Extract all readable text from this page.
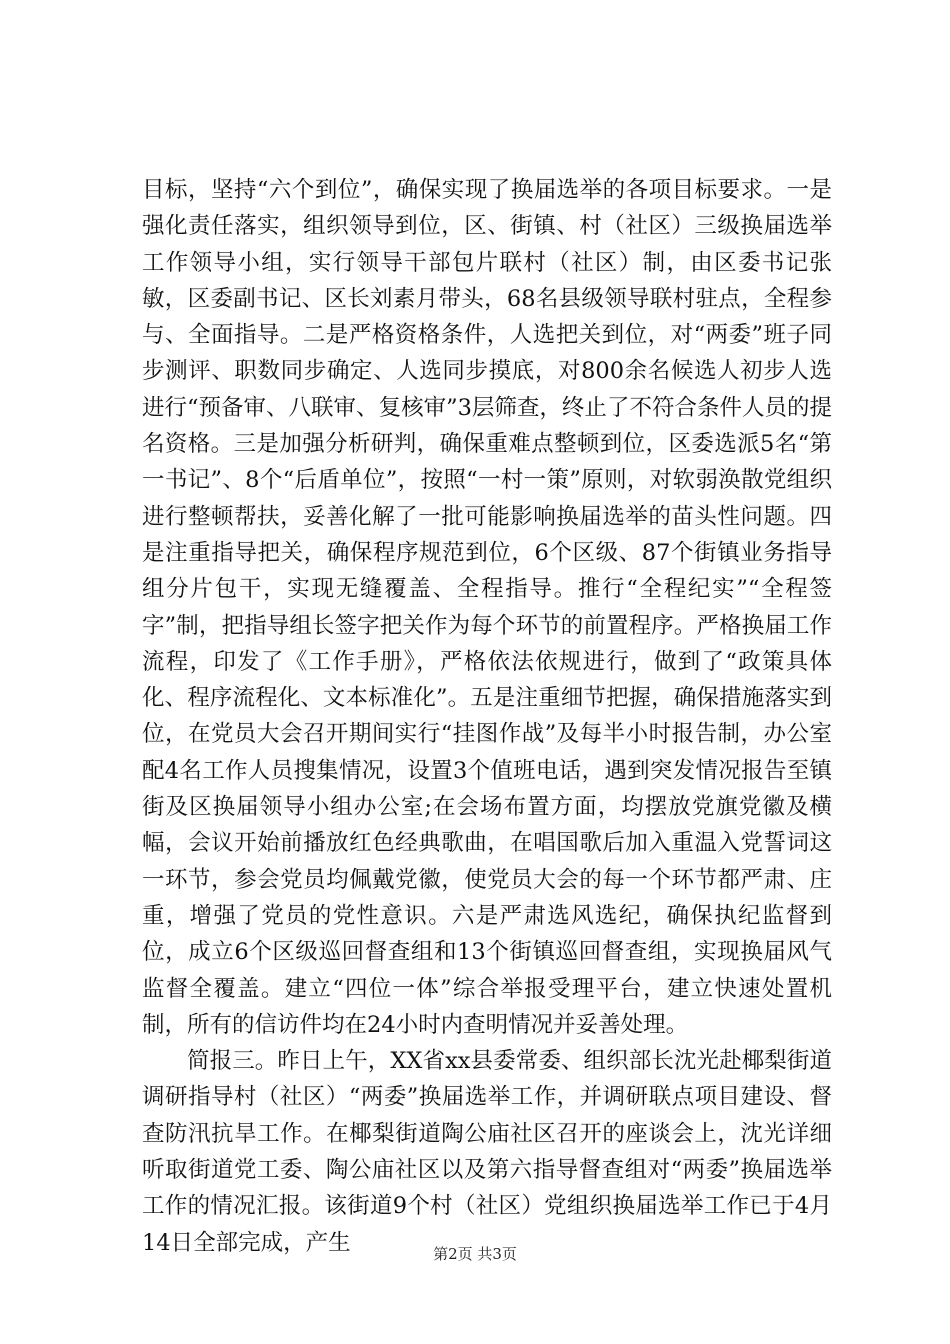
目标，坚持“六个到位”，确保实现了换届选举的各项目标要求。一是强化责任落实，组织领导到位，区、街镇、村（社区）三级换届选举工作领导小组，实行领导干部包片联村（社区）制，由区委书记张敏，区委副书记、区长刘素月带头，68名县级领导联村驻点，全程参与、全面指导。二是严格资格条件，人选把关到位，对“两委”班子同步测评、职数同步确定、人选同步摸底，对800余名候选人初步人选进行“预备审、八联审、复核审”3层筛查，终止了不符合条件人员的提名资格。三是加强分析研判，确保重难点整顿到位，区委选派5名“第一书记”、8个“后盾单位”，按照“一村一策”原则，对软弱涣散党组织进行整顿帮扶，妥善化解了一批可能影响换届选举的苗头性问题。四是注重指导把关，确保程序规范到位，6个区级、87个街镇业务指导组分片包干，实现无缝覆盖、全程指导。推行“全程纪实”“全程签字”制，把指导组长签字把关作为每个环节的前置程序。严格换届工作流程，印发了《工作手册》，严格依法依规进行，做到了“政策具体化、程序流程化、文本标准化”。五是注重细节把握，确保措施落实到位，在党员大会召开期间实行“挂图作战”及每半小时报告制，办公室配4名工作人员搜集情况，设置3个值班电话，遇到突发情况报告至镇街及区换届领导小组办公室;在会场布置方面，均摆放党旗党徽及横幅，会议开始前播放红色经典歌曲，在唱国歌后加入重温入党誓词这一环节，参会党员均佩戴党徽，使党员大会的每一个环节都严肃、庄重，增强了党员的党性意识。六是严肃选风选纪，确保执纪监督到位，成立6个区级巡回督查组和13个街镇巡回督查组，实现换届风气监督全覆盖。建立“四位一体”综合举报受理平台，建立快速处置机制，所有的信访件均在24小时内查明情况并妥善处理。

简报三。昨日上午，XX省xx县委常委、组织部长沈光赴椰梨街道调研指导村（社区）“两委”换届选举工作，并调研联点项目建设、督查防汛抗旱工作。在椰梨街道陶公庙社区召开的座谈会上，沈光详细听取街道党工委、陶公庙社区以及第六指导督查组对“两委”换届选举工作的情况汇报。该街道9个村（社区）党组织换届选举工作已于4月14日全部完成，产生	第2页 共3页
